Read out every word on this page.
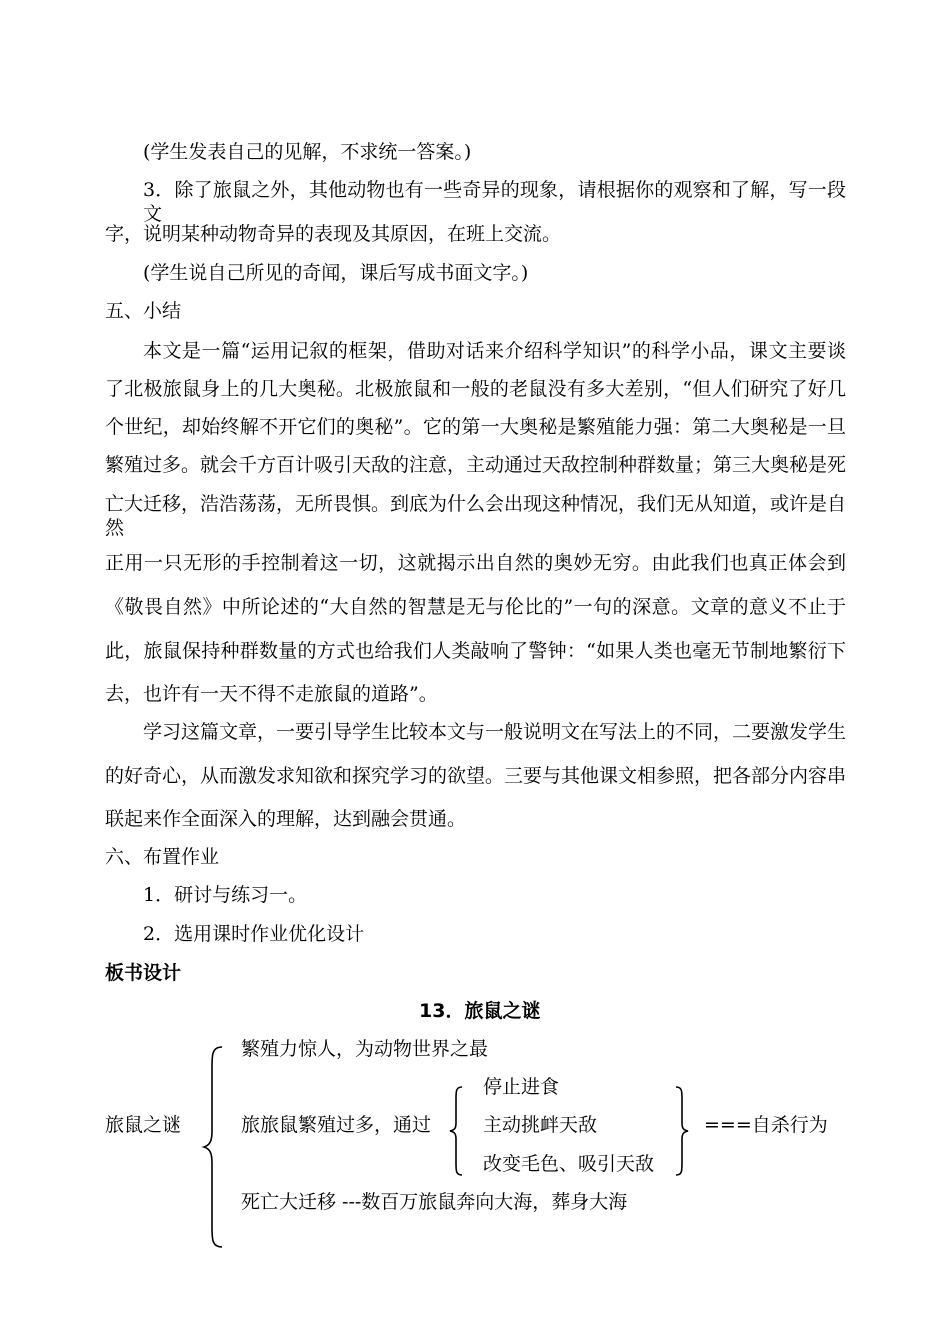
(学生发表自己的见解，不求统一答案。)
3．除了旅鼠之外，其他动物也有一些奇异的现象，请根据你的观察和了解，写一段文
字，说明某种动物奇异的表现及其原因，在班上交流。
(学生说自己所见的奇闻，课后写成书面文字。)
五、小结
本文是一篇“运用记叙的框架，借助对话来介绍科学知识”的科学小品，课文主要谈
了北极旅鼠身上的几大奥秘。北极旅鼠和一般的老鼠没有多大差别，“但人们研究了好几
个世纪，却始终解不开它们的奥秘”。它的第一大奥秘是繁殖能力强：第二大奥秘是一旦
繁殖过多。就会千方百计吸引天敌的注意，主动通过天敌控制种群数量；第三大奥秘是死
亡大迁移，浩浩荡荡，无所畏惧。到底为什么会出现这种情况，我们无从知道，或许是自然
正用一只无形的手控制着这一切，这就揭示出自然的奥妙无穷。由此我们也真正体会到
《敬畏自然》中所论述的“大自然的智慧是无与伦比的”一句的深意。文章的意义不止于
此，旅鼠保持种群数量的方式也给我们人类敲响了警钟：“如果人类也毫无节制地繁衍下
去，也许有一天不得不走旅鼠的道路”。
学习这篇文章，一要引导学生比较本文与一般说明文在写法上的不同，二要激发学生
的好奇心，从而激发求知欲和探究学习的欲望。三要与其他课文相参照，把各部分内容串
联起来作全面深入的理解，达到融会贯通。
六、布置作业
1．研讨与练习一。
2．选用课时作业优化设计
板书设计
13．旅鼠之谜
旅鼠之谜
繁殖力惊人，为动物世界之最
旅旅鼠繁殖过多，通过
停止进食
主动挑衅天敌
改变毛色、吸引天敌
===自杀行为
死亡大迁移 ---数百万旅鼠奔向大海，葬身大海
